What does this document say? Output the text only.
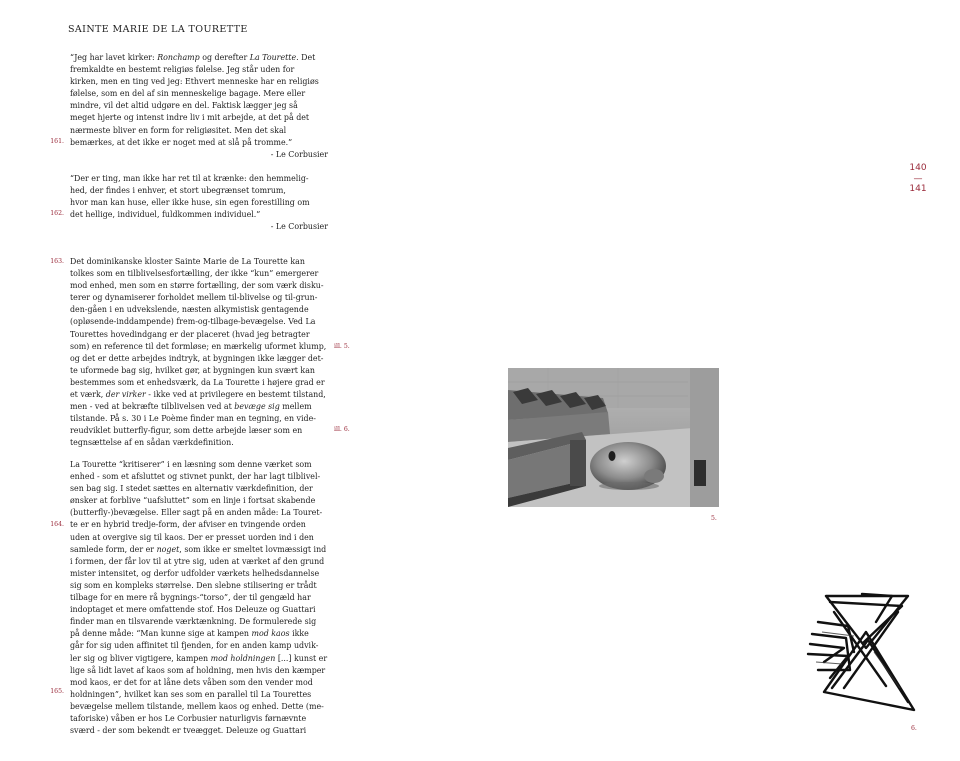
SAINTE MARIE DE LA TOURETTE

“Jeg har lavet kirker: Ronchamp og derefter La Tourette. Det

fremkaldte en bestemt religiøs følelse. Jeg står uden for

kirken, men en ting ved jeg: Ethvert menneske har en religiøs

følelse, som en del af sin menneskelige bagage. Mere eller

mindre, vil det altid udgøre en del. Faktisk lægger jeg så

meget hjerte og intenst indre liv i mit arbejde, at det på det

nærmeste bliver en form for religiøsitet. Men det skal

bemærkes, at det ikke er noget med at slå på tromme.”

- Le Corbusier

161.

“Der er ting, man ikke har ret til at krænke: den hemmelig-

hed, der findes i enhver, et stort ubegrænset tomrum,

hvor man kan huse, eller ikke huse, sin egen forestilling om

det hellige, individuel, fuldkommen individuel.”

- Le Corbusier

162.

Det dominikanske kloster Sainte Marie de La Tourette kan

tolkes som en tilblivelsesfortælling, der ikke “kun” emergerer

mod enhed, men som en større fortælling, der som værk disku-

terer og dynamiserer forholdet mellem til-blivelse og til-grun-

den-gåen i en udvekslende, næsten alkymistisk gentagende

(opløsende-inddampende) frem-og-tilbage-bevægelse. Ved La

Tourettes hovedindgang er der placeret (hvad jeg betragter

som) en reference til det formløse; en mærkelig uformet klump,

og det er dette arbejdes indtryk, at bygningen ikke lægger det-

te uformede bag sig, hvilket gør, at bygningen kun svært kan

bestemmes som et enhedsværk, da La Tourette i højere grad er

et værk, der virker - ikke ved at privilegere en bestemt tilstand,

men - ved at bekræfte tilblivelsen ved at bevæge sig mellem

tilstande. På s. 30 i Le Poème finder man en tegning, en vide-

reudviklet butterfly-figur, som dette arbejde læser som en

tegnsættelse af en sådan værkdefinition.

163.

La Tourette “kritiserer” i en læsning som denne værket som

enhed - som et afsluttet og stivnet punkt, der har lagt tilblivel-

sen bag sig. I stedet sættes en alternativ værkdefinition, der

ønsker at forblive “uafsluttet” som en linje i fortsat skabende

(butterfly-)bevægelse. Eller sagt på en anden måde: La Touret-

te er en hybrid tredje-form, der afviser en tvingende orden

uden at overgive sig til kaos. Der er presset uorden ind i den

samlede form, der er noget, som ikke er smeltet lovmæssigt ind

i formen, der får lov til at ytre sig, uden at værket af den grund

mister intensitet, og derfor udfolder værkets helhedsdannelse

sig som en kompleks størrelse. Den slebne stilisering er trådt

tilbage for en mere rå bygnings-“torso”, der til gengæld har

indoptaget et mere omfattende stof. Hos Deleuze og Guattari

finder man en tilsvarende værktænkning. De formulerede sig

på denne måde: “Man kunne sige at kampen mod kaos ikke

går for sig uden affinitet til fjenden, for en anden kamp udvik-

ler sig og bliver vigtigere, kampen mod holdningen [...] kunst er

lige så lidt lavet af kaos som af holdning, men hvis den kæmper

mod kaos, er det for at låne dets våben som den vender mod

holdningen”, hvilket kan ses som en parallel til La Tourettes

bevægelse mellem tilstande, mellem kaos og enhed. Dette (me-

taforiske) våben er hos Le Corbusier naturligvis førnævnte

sværd - der som bekendt er tveægget. Deleuze og Guattari

164.
165.
ill. 5.
ill. 6.
140
—
141
5.
6.
